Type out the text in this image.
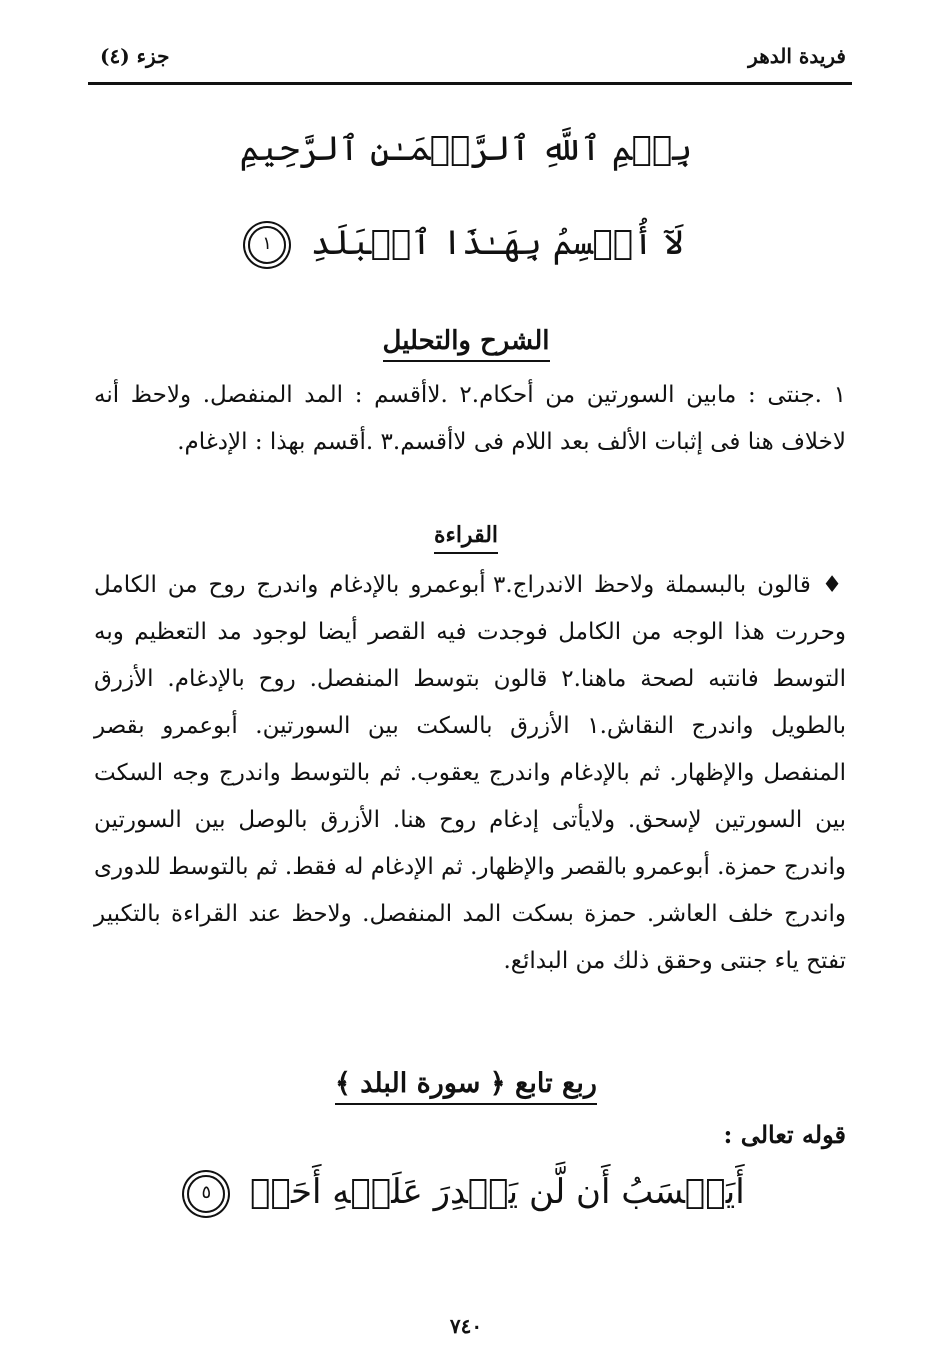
فريدة الدهر
جزء (٤)
بِسۡمِ ٱللَّهِ ٱلرَّحۡمَـٰنِ ٱلرَّحِيمِ
لَآ أُقۡسِمُ بِهَـٰذَا ٱلۡبَلَدِ ١
الشرح والتحليل

١ .جنتى : مابين السورتين من أحكام.٢ .لاأقسم : المد المنفصل. ولاحظ أنه لاخلاف هنا فى إثبات الألف بعد اللام فى لاأقسم.٣ .أقسم بهذا : الإدغام.

القراءة

♦ قالون بالبسملة ولاحظ الاندراج.٣ أبوعمرو بالإدغام واندرج روح من الكامل وحررت هذا الوجه من الكامل فوجدت فيه القصر أيضا لوجود مد التعظيم وبه التوسط فانتبه لصحة ماهنا.٢ قالون بتوسط المنفصل. روح بالإدغام. الأزرق بالطويل واندرج النقاش.١ الأزرق بالسكت بين السورتين. أبوعمرو بقصر المنفصل والإظهار. ثم بالإدغام واندرج يعقوب. ثم بالتوسط واندرج وجه السكت بين السورتين لإسحق. ولايأتى إدغام روح هنا. الأزرق بالوصل بين السورتين واندرج حمزة. أبوعمرو بالقصر والإظهار. ثم الإدغام له فقط. ثم بالتوسط للدورى واندرج خلف العاشر. حمزة بسكت المد المنفصل. ولاحظ عند القراءة بالتكبير تفتح ياء جنتى وحقق ذلك من البدائع.

ربع تابع ﴿ سورة البلد ﴾
قوله تعالى :
أَيَحۡسَبُ أَن لَّن يَقۡدِرَ عَلَيۡهِ أَحَدٞ ٥
٧٤٠
